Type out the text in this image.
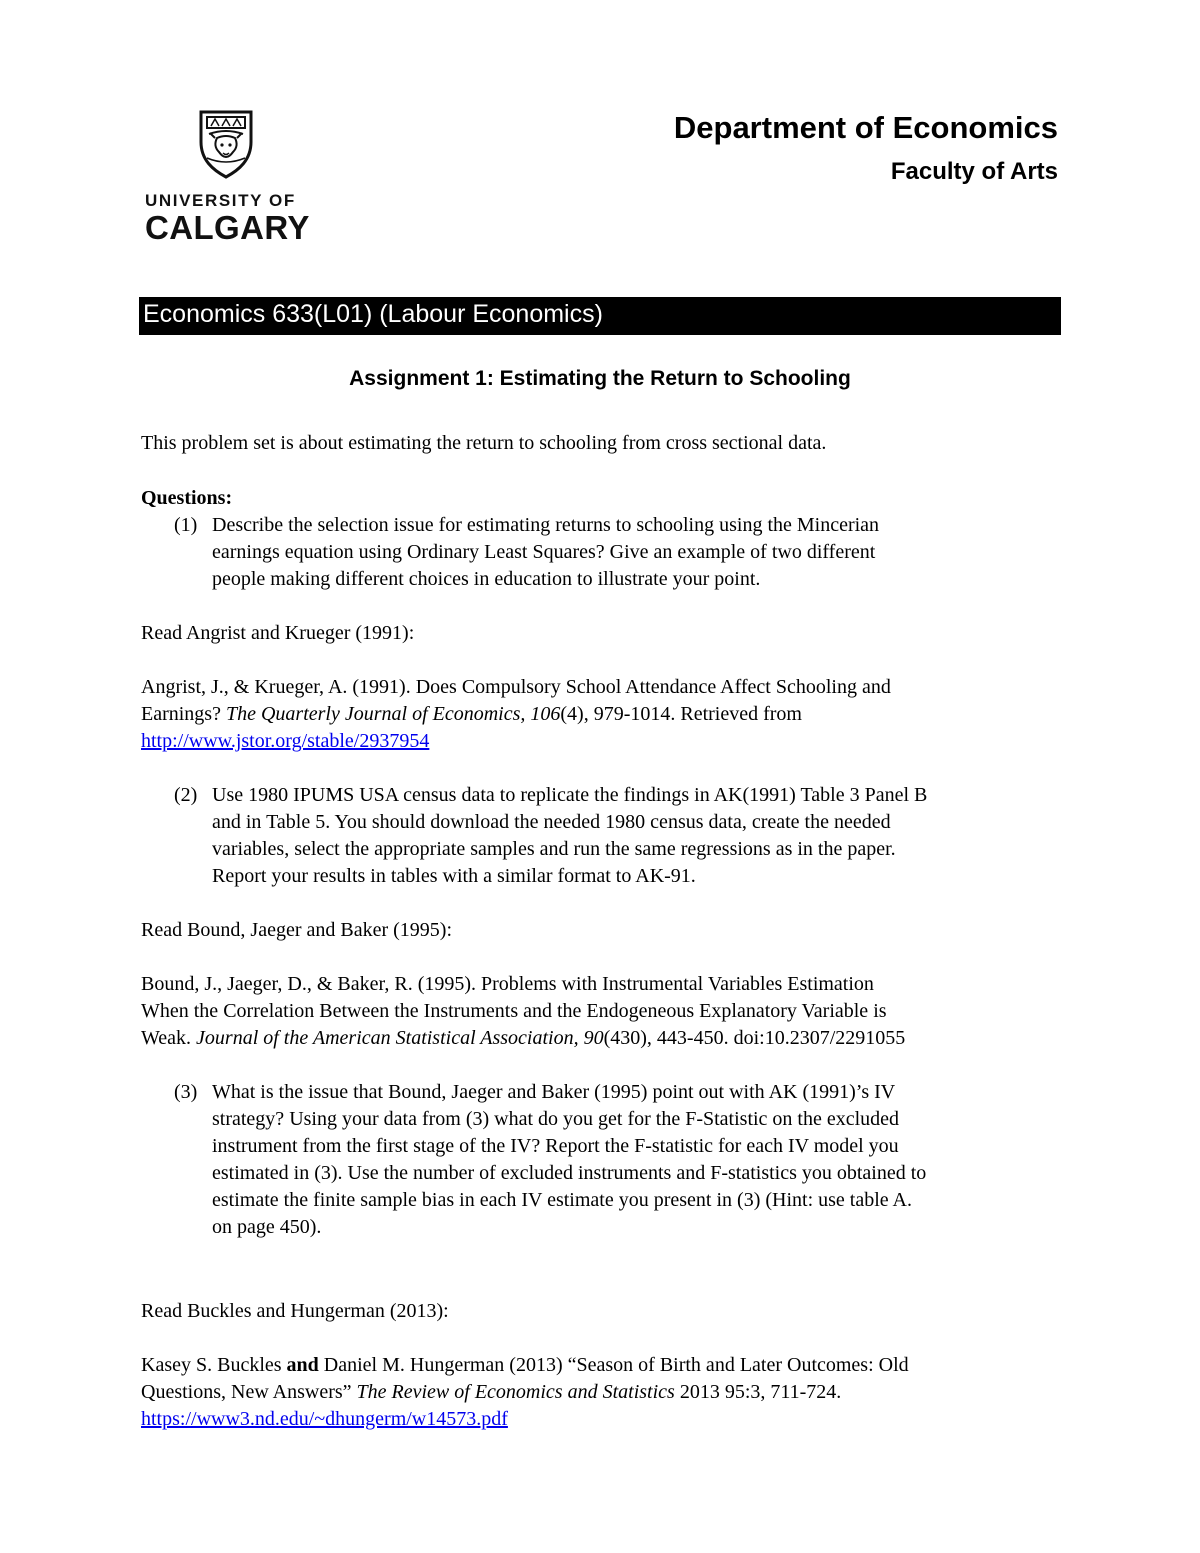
UNIVERSITY OF
CALGARY
Department of Economics
Faculty of Arts
Economics 633(L01) (Labour Economics)
Assignment 1: Estimating the Return to Schooling
This problem set is about estimating the return to schooling from cross sectional data.
Questions:
(1) Describe the selection issue for estimating returns to schooling using the Mincerian
earnings equation using Ordinary Least Squares? Give an example of two different
people making different choices in education to illustrate your point.
Read Angrist and Krueger (1991):
Angrist, J., & Krueger, A. (1991). Does Compulsory School Attendance Affect Schooling and
Earnings? The Quarterly Journal of Economics, 106(4), 979-1014. Retrieved from
http://www.jstor.org/stable/2937954
(2) Use 1980 IPUMS USA census data to replicate the findings in AK(1991) Table 3 Panel B
and in Table 5. You should download the needed 1980 census data, create the needed
variables, select the appropriate samples and run the same regressions as in the paper.
Report your results in tables with a similar format to AK-91.
Read Bound, Jaeger and Baker (1995):
Bound, J., Jaeger, D., & Baker, R. (1995). Problems with Instrumental Variables Estimation
When the Correlation Between the Instruments and the Endogeneous Explanatory Variable is
Weak. Journal of the American Statistical Association, 90(430), 443-450. doi:10.2307/2291055
(3) What is the issue that Bound, Jaeger and Baker (1995) point out with AK (1991)’s IV
strategy? Using your data from (3) what do you get for the F-Statistic on the excluded
instrument from the first stage of the IV? Report the F-statistic for each IV model you
estimated in (3). Use the number of excluded instruments and F-statistics you obtained to
estimate the finite sample bias in each IV estimate you present in (3) (Hint: use table A.
on page 450).
Read Buckles and Hungerman (2013):
Kasey S. Buckles and Daniel M. Hungerman (2013) “Season of Birth and Later Outcomes: Old
Questions, New Answers” The Review of Economics and Statistics 2013 95:3, 711-724.
https://www3.nd.edu/~dhungerm/w14573.pdf
